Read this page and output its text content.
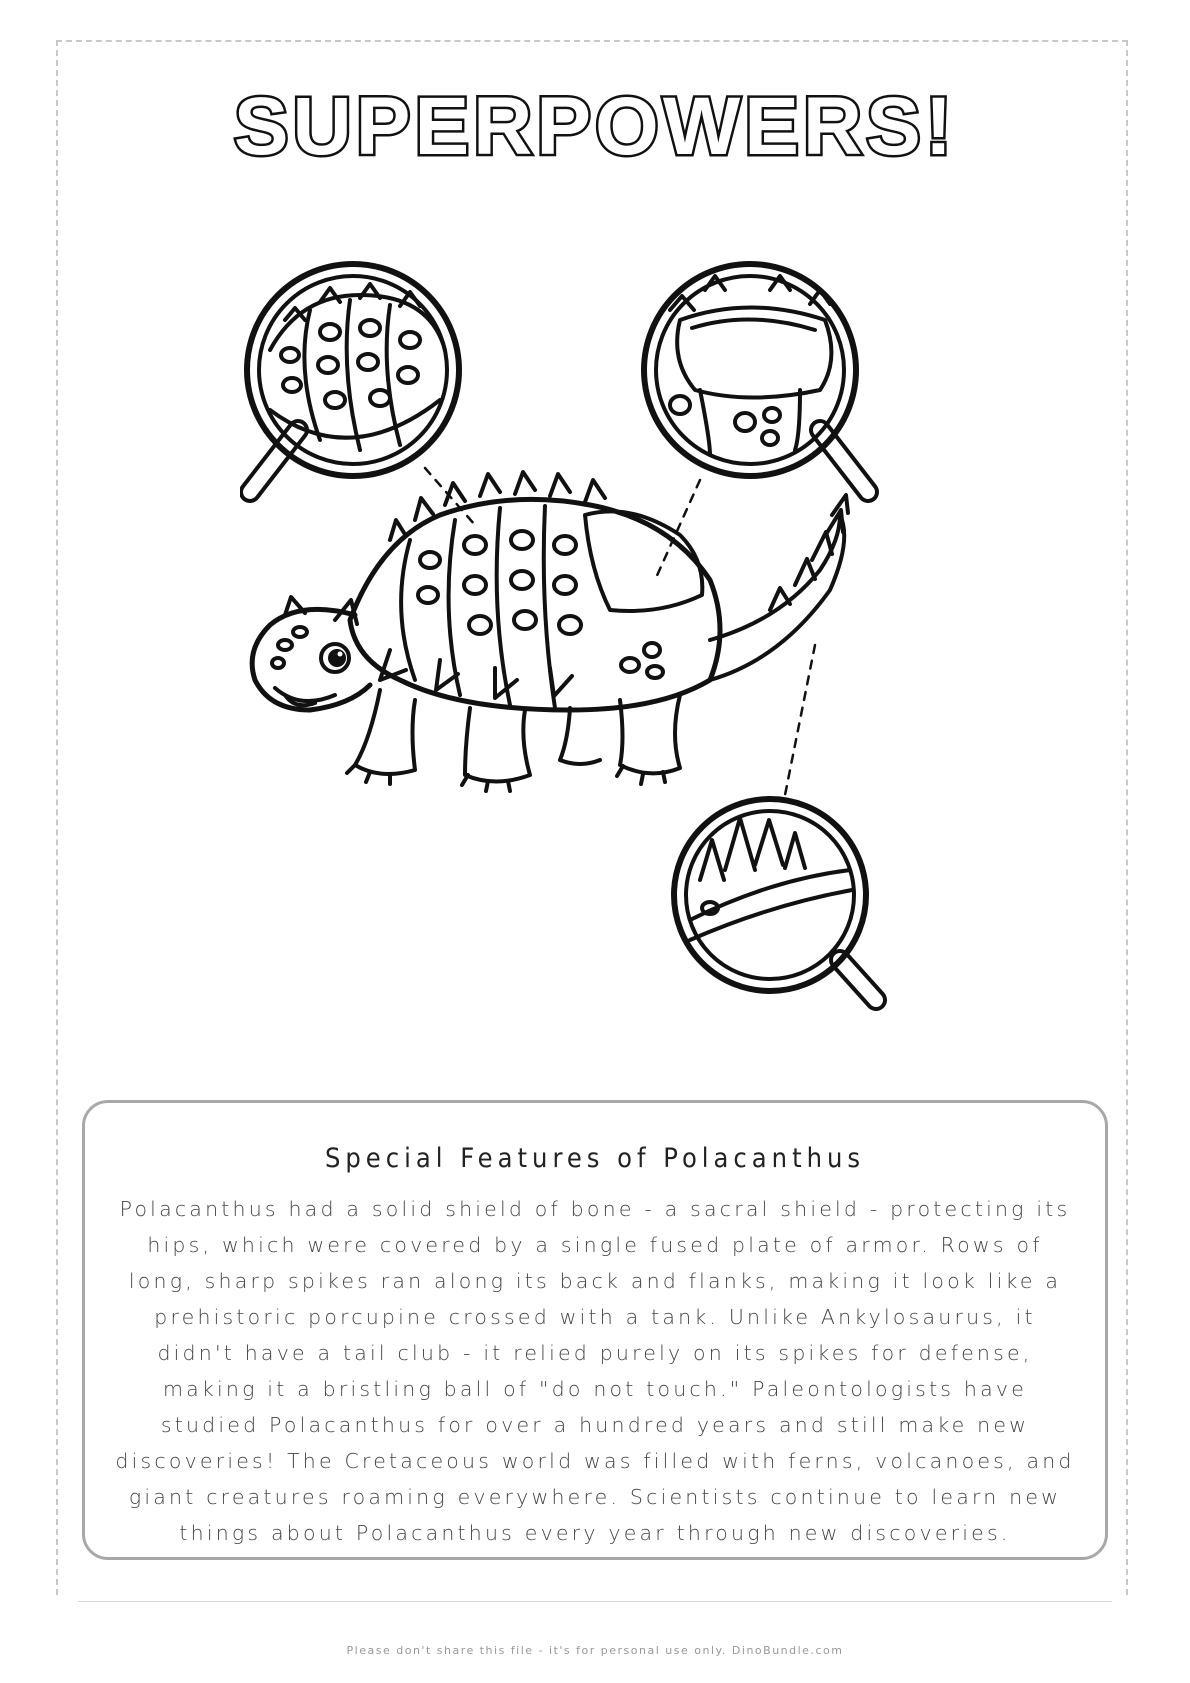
SUPERPOWERS!
Special Features of Polacanthus
Polacanthus had a solid shield of bone - a sacral shield - protecting its hips, which were covered by a single fused plate of armor. Rows of long, sharp spikes ran along its back and flanks, making it look like a prehistoric porcupine crossed with a tank. Unlike Ankylosaurus, it didn't have a tail club - it relied purely on its spikes for defense, making it a bristling ball of "do not touch." Paleontologists have studied Polacanthus for over a hundred years and still make new discoveries! The Cretaceous world was filled with ferns, volcanoes, and giant creatures roaming everywhere. Scientists continue to learn new things about Polacanthus every year through new discoveries.
Please don't share this file - it's for personal use only. DinoBundle.com
